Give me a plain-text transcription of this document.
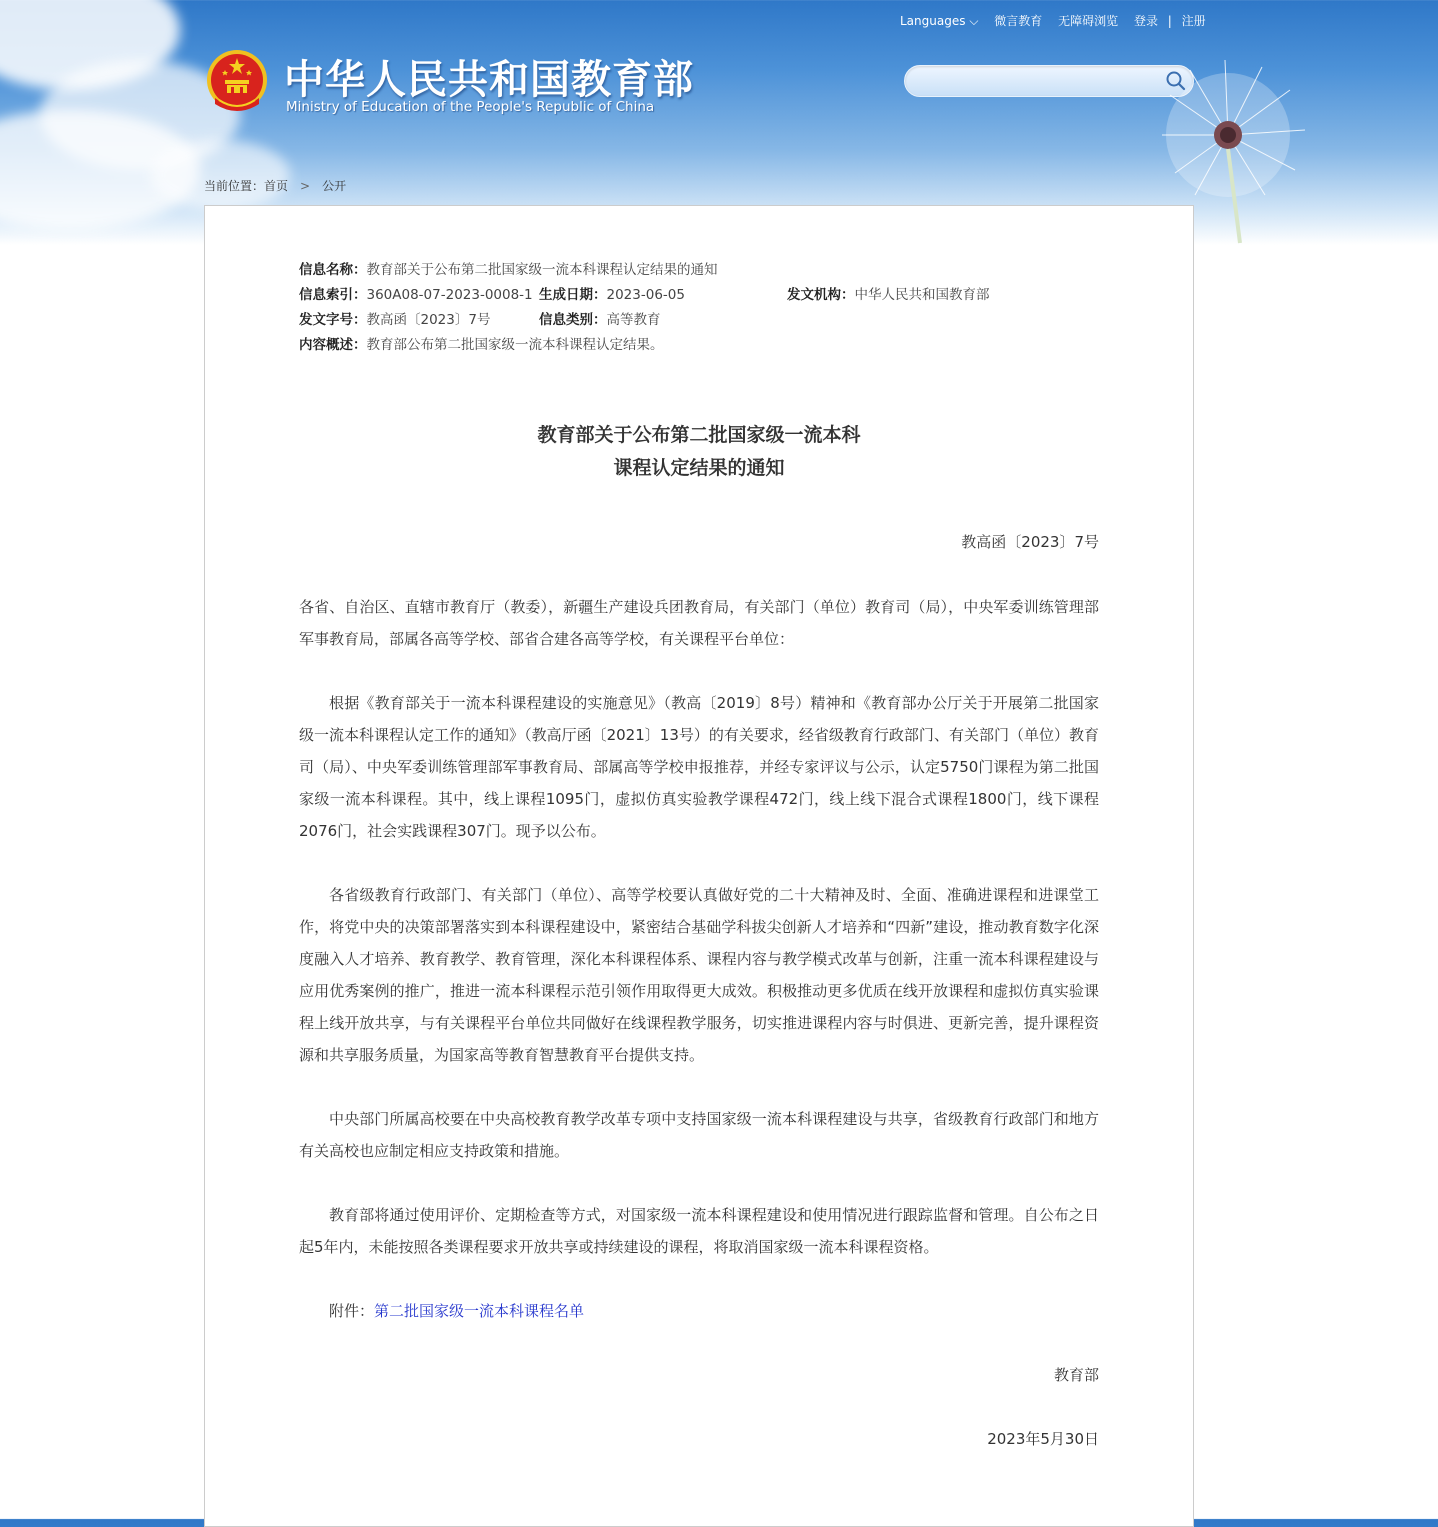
Languages ⌵ 微言教育 无障碍浏览 登录 | 注册
中华人民共和国教育部
Ministry of Education of the People's Republic of China
当前位置：首页 > 公开
信息名称：教育部关于公布第二批国家级一流本科课程认定结果的通知
信息索引：360A08-07-2023-0008-1 生成日期：2023-06-05	发文机构：中华人民共和国教育部
发文字号：教高函〔2023〕7号	信息类别：高等教育
内容概述：教育部公布第二批国家级一流本科课程认定结果。
教育部关于公布第二批国家级一流本科
课程认定结果的通知
教高函〔2023〕7号

各省、自治区、直辖市教育厅（教委），新疆生产建设兵团教育局，有关部门（单位）教育司（局），中央军委训练管理部军事教育局，部属各高等学校、部省合建各高等学校，有关课程平台单位：

根据《教育部关于一流本科课程建设的实施意见》（教高〔2019〕8号）精神和《教育部办公厅关于开展第二批国家级一流本科课程认定工作的通知》（教高厅函〔2021〕13号）的有关要求，经省级教育行政部门、有关部门（单位）教育司（局）、中央军委训练管理部军事教育局、部属高等学校申报推荐，并经专家评议与公示，认定5750门课程为第二批国家级一流本科课程。其中，线上课程1095门，虚拟仿真实验教学课程472门，线上线下混合式课程1800门，线下课程2076门，社会实践课程307门。现予以公布。

各省级教育行政部门、有关部门（单位）、高等学校要认真做好党的二十大精神及时、全面、准确进课程和进课堂工作，将党中央的决策部署落实到本科课程建设中，紧密结合基础学科拔尖创新人才培养和“四新”建设，推动教育数字化深度融入人才培养、教育教学、教育管理，深化本科课程体系、课程内容与教学模式改革与创新，注重一流本科课程建设与应用优秀案例的推广，推进一流本科课程示范引领作用取得更大成效。积极推动更多优质在线开放课程和虚拟仿真实验课程上线开放共享，与有关课程平台单位共同做好在线课程教学服务，切实推进课程内容与时俱进、更新完善，提升课程资源和共享服务质量，为国家高等教育智慧教育平台提供支持。

中央部门所属高校要在中央高校教育教学改革专项中支持国家级一流本科课程建设与共享，省级教育行政部门和地方有关高校也应制定相应支持政策和措施。

教育部将通过使用评价、定期检查等方式，对国家级一流本科课程建设和使用情况进行跟踪监督和管理。自公布之日起5年内，未能按照各类课程要求开放共享或持续建设的课程，将取消国家级一流本科课程资格。

附件：第二批国家级一流本科课程名单

教育部
2023年5月30日
